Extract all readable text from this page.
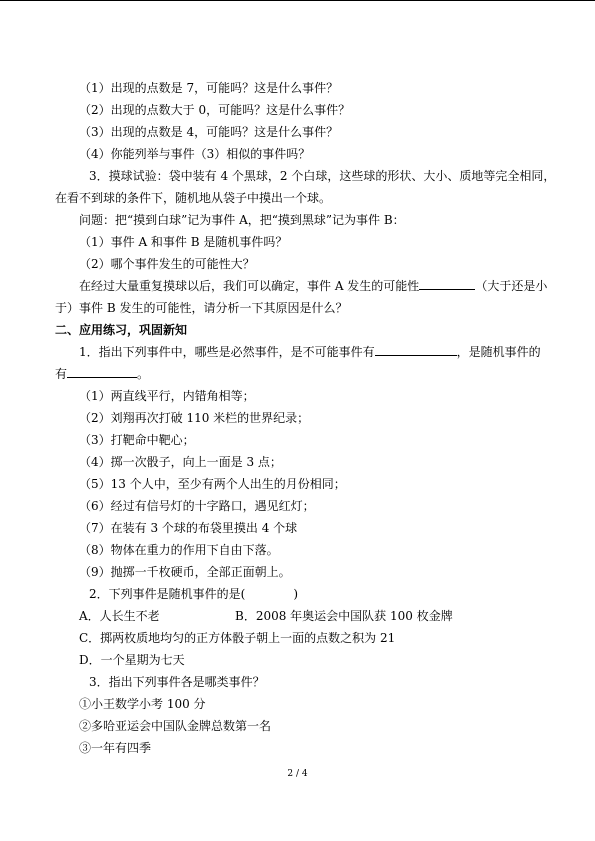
（1）出现的点数是 7，可能吗？这是什么事件？
（2）出现的点数大于 0，可能吗？这是什么事件？
（3）出现的点数是 4，可能吗？这是什么事件？
（4）你能列举与事件（3）相似的事件吗？
3．摸球试验：袋中装有 4 个黑球，2 个白球，这些球的形状、大小、质地等完全相同，
在看不到球的条件下，随机地从袋子中摸出一个球。
问题：把“摸到白球”记为事件 A，把“摸到黑球”记为事件 B：
（1）事件 A 和事件 B 是随机事件吗？
（2）哪个事件发生的可能性大？
在经过大量重复摸球以后，我们可以确定，事件 A 发生的可能性	（大于还是小
于）事件 B 发生的可能性，请分析一下其原因是什么？
二、应用练习，巩固新知
1．指出下列事件中，哪些是必然事件，是不可能事件有	，是随机事件的
有	。
（1）两直线平行，内错角相等；
（2）刘翔再次打破 110 米栏的世界纪录；
（3）打靶命中靶心；
（4）掷一次骰子，向上一面是 3 点；
（5）13 个人中，至少有两个人出生的月份相同；
（6）经过有信号灯的十字路口，遇见红灯；
（7）在装有 3 个球的布袋里摸出 4 个球
（8）物体在重力的作用下自由下落。
（9）抛掷一千枚硬币，全部正面朝上。
2．下列事件是随机事件的是(　　　　)
A．人长生不老	B．2008 年奥运会中国队获 100 枚金牌
C．掷两枚质地均匀的正方体骰子朝上一面的点数之积为 21
D．一个星期为七天
3．指出下列事件各是哪类事件？
①小王数学小考 100 分
②多哈亚运会中国队金牌总数第一名
③一年有四季
2 / 4
